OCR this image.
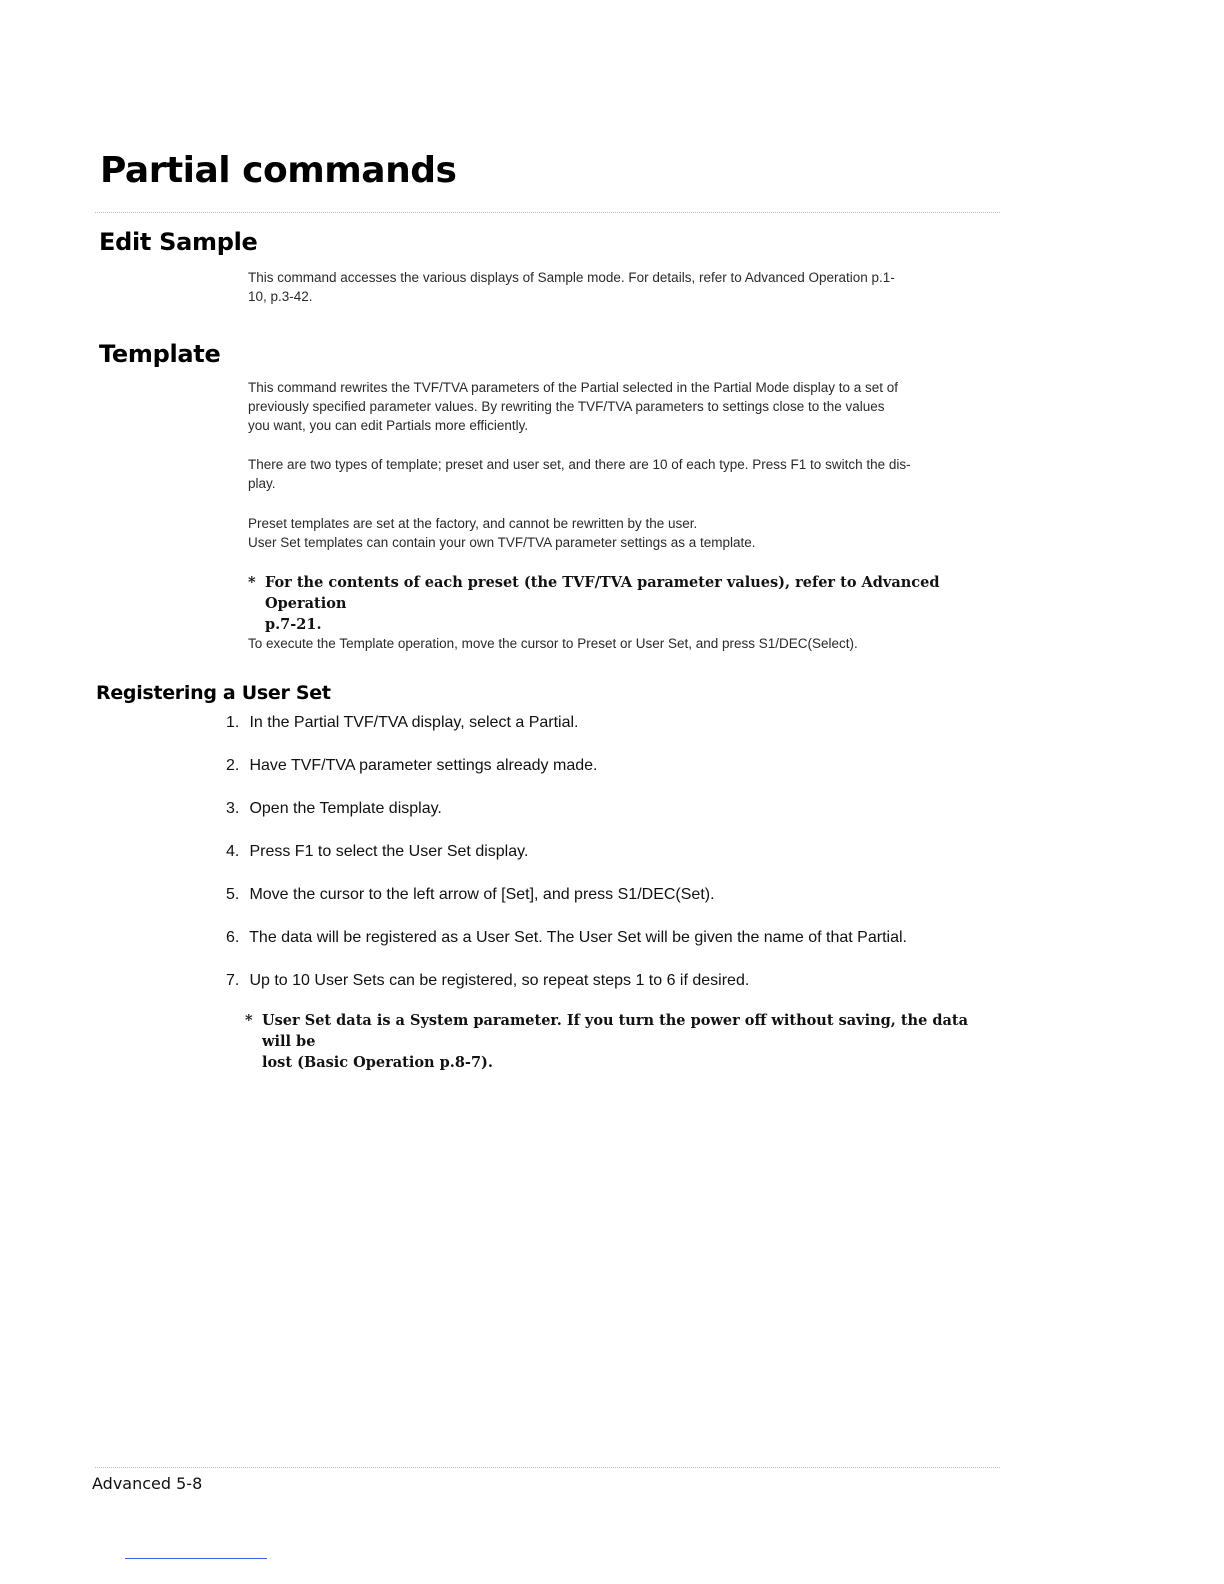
Partial commands
Edit Sample

This command accesses the various displays of Sample mode. For details, refer to Advanced Operation p.1-
10, p.3-42.

Template

This command rewrites the TVF/TVA parameters of the Partial selected in the Partial Mode display to a set of
previously specified parameter values. By rewriting the TVF/TVA parameters to settings close to the values
you want, you can edit Partials more efficiently.

There are two types of template; preset and user set, and there are 10 of each type. Press F1 to switch the dis-
play.

Preset templates are set at the factory, and cannot be rewritten by the user.
User Set templates can contain your own TVF/TVA parameter settings as a template.

* For the contents of each preset (the TVF/TVA parameter values), refer to Advanced Operation
p.7-21.

To execute the Template operation, move the cursor to Preset or User Set, and press S1/DEC(Select).

Registering a User Set
1. In the Partial TVF/TVA display, select a Partial.
2. Have TVF/TVA parameter settings already made.
3. Open the Template display.
4. Press F1 to select the User Set display.
5. Move the cursor to the left arrow of [Set], and press S1/DEC(Set).
6. The data will be registered as a User Set. The User Set will be given the name of that Partial.
7. Up to 10 User Sets can be registered, so repeat steps 1 to 6 if desired.
* User Set data is a System parameter. If you turn the power off without saving, the data will be
lost (Basic Operation p.8-7).

Advanced 5-8
